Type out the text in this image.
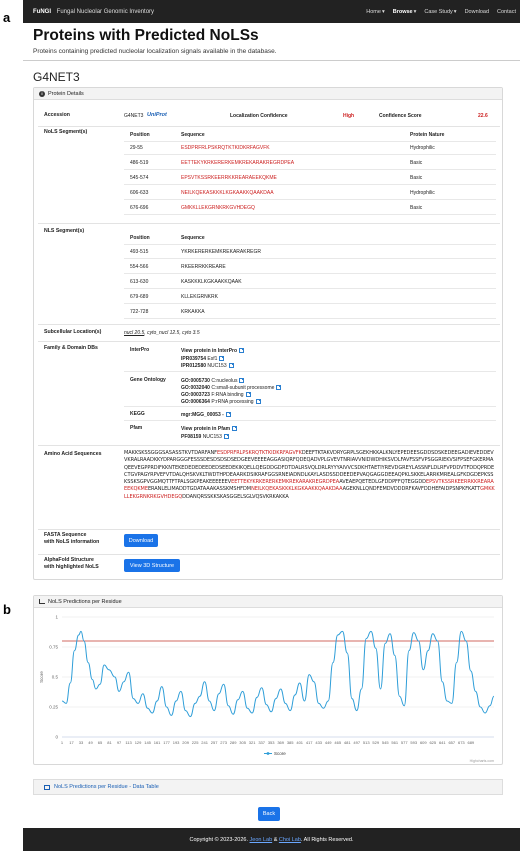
a
b
FuNGI Fungal Nucleolar Genomic Inventory	Home ▾ Browse ▾ Case Study ▾ Download Contact
Proteins with Predicted NoLSs
Proteins containing predicted nucleolar localization signals available in the database.
G4NET3
i Protein Details
Accession	G4NET3 UniProt	Localization Confidence	High	Confidence Score	22.6
NoLS Segment(s)	Position	Sequence	Protein Nature
29-55	ESDPRFRLPSKRQTKTKIDKRFAGVFK	Hydrophilic
486-519	EETTEKYKRKERERKEMKREKARAKREGRDPEA	Basic
545-574	EPSVTKSSRKEERRKKREARAEEKQKME	Basic
606-633	NEILKQEKASKKKLKGKAAKKQAAKDAA	Hydrophilic
676-696	GMKKLLEKGRNKRKGVHDEGQ	Basic
NLS Segment(s)
Position	Sequence
493-515	YKRKERERKEMKREKARAKREGR
554-566	RKEERRKKREARE
613-630	KASKKKLKGKAAKKQAAK
679-689	KLLEKGRNKRK
722-728	KRKAKKA
Subcellular Location(s)	nucl 20.5, cyto_nucl 12.5, cyto 3.5
Family & Domain DBs	InterPro	View protein in InterPro
IPR039754 Esf1
IPR012580 NUC153
Gene Ontology	GO:0005730 C:nucleolus
GO:0032040 C:small-subunit processome
GO:0003723 F:RNA binding
GO:0006364 P:rRNA processing
KEGG	mgr:MGG_00053 -
Pfam	View protein in Pfam
PF08159 NUC153
Amino Acid Sequences	MAKKSKSSGGGSASASSTKVTDARFANFESDPRFRLPSKRQTKTKIDKRFAGVFKDEEFTKTAKVDRYGRPLSGEKHKKALKNLYEPEDEESGDDSDSKEDEEGADIEVEDDEVVKRALRAADKKYDPARGGGFESSSDESDSDSDSEDGEEVEEEEAGGASIQRFQDEQADVPLGVEVTNRIAVVNIDWDHIKSVDLFAVFSSFVPSGGRIEKVSIFPSEFGKERMAQEEVEGPPRDIFKKNTEKEDEDEDEEDEDSEEDEKIKQELLQEGDDGDFDTDALRSVQLDRLRYYYAIVVCSDKHTAETIYREVDGREYLASSNFLDLRFVPDDVTFDDQPRDECTGVPAGYRPVEFVTDALQHSKVKLTWDTHPDEAARKDSIKRAFGGSRNEIADNDLKAYLASDSSDDEEDEPVAQGAGGDEEAQPKLSKKELARRKMREALGFKDGDEPKSSKSSKSGPVGGMQTTFTPALSGKPEAKEEEEEEVEETTEKYKRKERERKEMKREKARAKREGRDPEAAVEAEPQETEDLGFDDPFFQTEGGDDEPSVTKSSRKEERRKKREARAEEKQKMEERANLELIMADDTGDATAAAKASSKMSHFDMNEILKQEKASKKKLKGKAAKKQAAKDAAAGEKNLLQNDFEMDVDDDRFKAVFDDHEFAIDPSNPKFKATTGMKKLLEKGRNKRKGVHDEGQDDANQRSSKKSKASGGELSGLVQSVKRKAKKA
FASTA Sequence
with NoLS information	Download
AlphaFold Structure
with highlighted NoLS	View 3D Structure
NoLS Predictions per Residue
0
0.25
0.5
0.75
1
Score
1 17 33 49 65 81 97 113 129 145 161 177 193 209 225 241 257 273 289 305 321 337 353 369 385 401 417 433 449 465 481 497 513 529 545 561 577 593 609 625 641 657 673 689
Score
Highcharts.com
NoLS Predictions per Residue - Data Table
Back
Copyright © 2023-2026.
Jeon Lab
&
Choi Lab . All Rights Reserved.
